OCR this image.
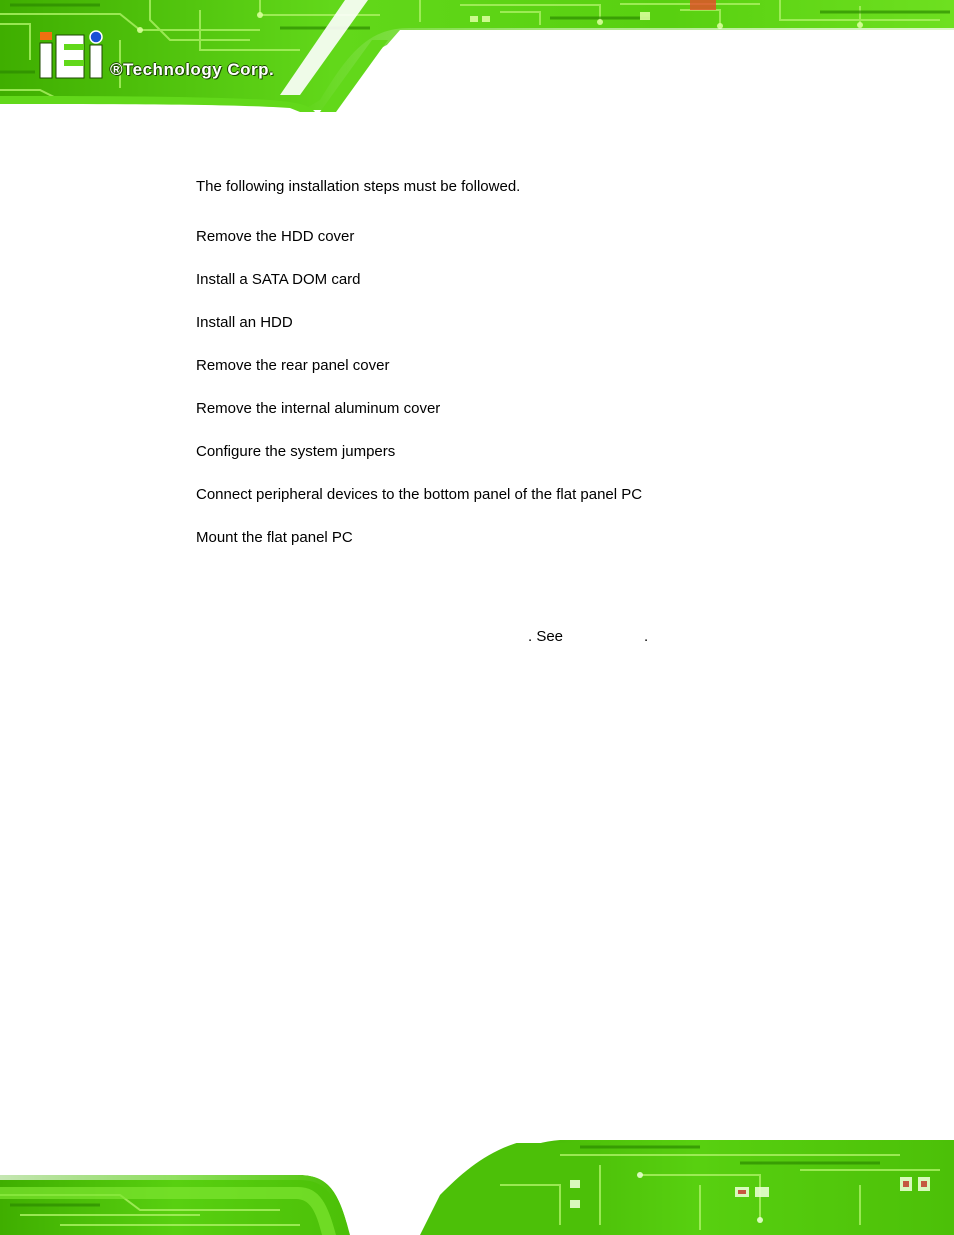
®Technology Corp.
The following installation steps must be followed.
Remove the HDD cover
Install a SATA DOM card
Install an HDD
Remove the rear panel cover
Remove the internal aluminum cover
Configure the system jumpers
Connect peripheral devices to the bottom panel of the flat panel PC
Mount the flat panel PC
. See	.
